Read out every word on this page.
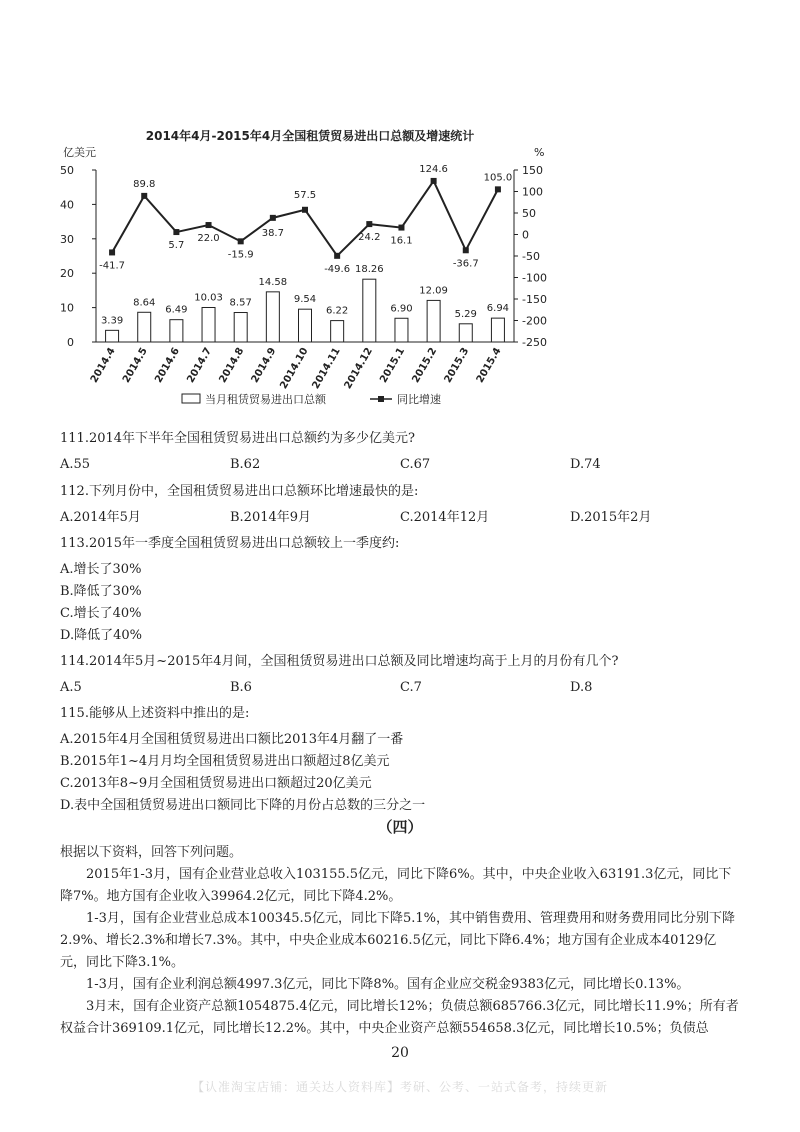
2014年4月-2015年4月全国租赁贸易进出口总额及增速统计
亿美元	%
50
40
30
20
10
0
150
100
50
0
-50
-100
-150
-200
-250
3.39
2014.4
8.64
2014.5
6.49
2014.6
10.03
2014.7
8.57
2014.8
14.58
2014.9
9.54
2014.10
6.22
2014.11
18.26
2014.12
6.90
2015.1
12.09
2015.2
5.29
2015.3
6.94
2015.4
-41.7
89.8
5.7
22.0
-15.9
38.7
57.5
-49.6
24.2 16.1
124.6
-36.7
105.0
当月租赁贸易进出口总额	同比增速
111.2014年下半年全国租赁贸易进出口总额约为多少亿美元?
A.55	B.62	C.67	D.74
112.下列月份中，全国租赁贸易进出口总额环比增速最快的是:
A.2014年5月	B.2014年9月	C.2014年12月	D.2015年2月
113.2015年一季度全国租赁贸易进出口总额较上一季度约:
A.增长了30%
B.降低了30%
C.增长了40%
D.降低了40%
114.2014年5月~2015年4月间，全国租赁贸易进出口总额及同比增速均高于上月的月份有几个?
A.5	B.6	C.7	D.8
115.能够从上述资料中推出的是:
A.2015年4月全国租赁贸易进出口额比2013年4月翻了一番
B.2015年1~4月月均全国租赁贸易进出口额超过8亿美元
C.2013年8~9月全国租赁贸易进出口额超过20亿美元
D.表中全国租赁贸易进出口额同比下降的月份占总数的三分之一
（四）
根据以下资料，回答下列问题。
2015年1-3月，国有企业营业总收入103155.5亿元，同比下降6%。其中，中央企业收入63191.3亿元，同比下降7%。地方国有企业收入39964.2亿元，同比下降4.2%。
1-3月，国有企业营业总成本100345.5亿元，同比下降5.1%，其中销售费用、管理费用和财务费用同比分别下降2.9%、增长2.3%和增长7.3%。其中，中央企业成本60216.5亿元，同比下降6.4%；地方国有企业成本40129亿元，同比下降3.1%。
1-3月，国有企业利润总额4997.3亿元，同比下降8%。国有企业应交税金9383亿元，同比增长0.13%。
3月末，国有企业资产总额1054875.4亿元，同比增长12%；负债总额685766.3亿元，同比增长11.9%；所有者权益合计369109.1亿元，同比增长12.2%。其中，中央企业资产总额554658.3亿元，同比增长10.5%；负债总
20
【认准淘宝店铺：通关达人资料库】考研、公考、一站式备考，持续更新
